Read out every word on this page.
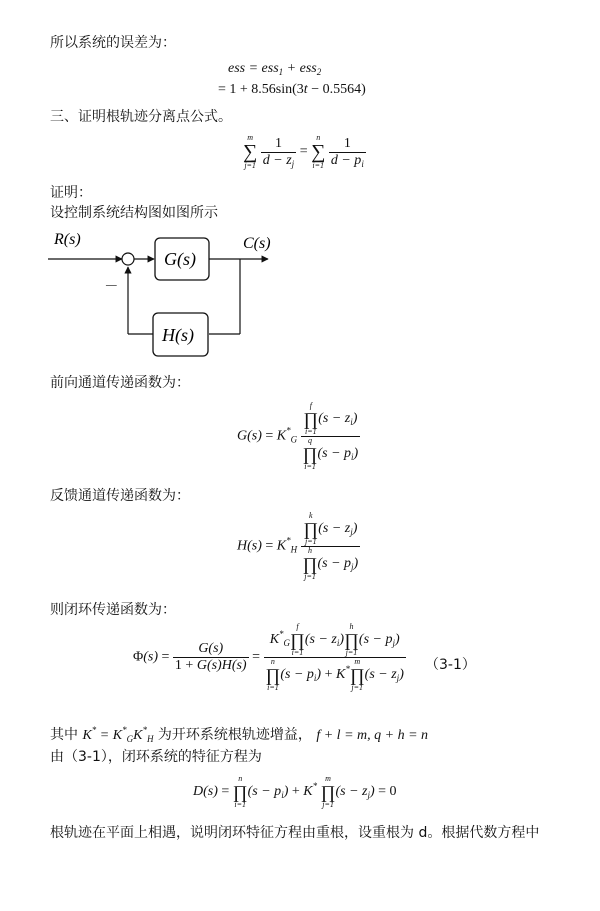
所以系统的误差为：
ess = ess$_1$ + ess$_2$
= 1 + 8.56sin(3t − 0.5564)
三、证明根轨迹分离点公式。
m
∑
j=1
$\frac{1}{d - z_j}$ =
n
∑
i=1
$\frac{1}{d - p_i}$
证明：
设控制系统结构图如图所示
R(s)
G(s)
C(s)
H(s)
—
前向通道传递函数为：
$G(s) = K^*_G$ f
∏
i=1
$(s - z_i)$
q
∏
i=1
$(s - p_i)$
反馈通道传递函数为：
$H(s) = K^*_H$ k
∏
j=1
$(s - z_j)$
h
∏
j=1
$(s - p_j)$
则闭环传递函数为：
$\Phi(s) = \frac{G(s)}{1 + G(s)H(s)} = K^*_G$
f
∏
i=1
$(s - z_i)$
h
∏
j=1
$(s - p_j)$
n
∏
i=1
$(s - p_i) + K^*$
m
∏
j=1
$(s - z_j)$ （3-1）
其中 $K^* = K^*_GK^*_H$ 为开环系统根轨迹增益， f + l = m, q + h = n
由（3-1），闭环系统的特征方程为
D(s) =
n
∏
i=1
$(s - p_i) + K^*$
m
∏
j=1
$(s - z_j) = 0$
根轨迹在平面上相遇，说明闭环特征方程由重根，设重根为 d。根据代数方程中
